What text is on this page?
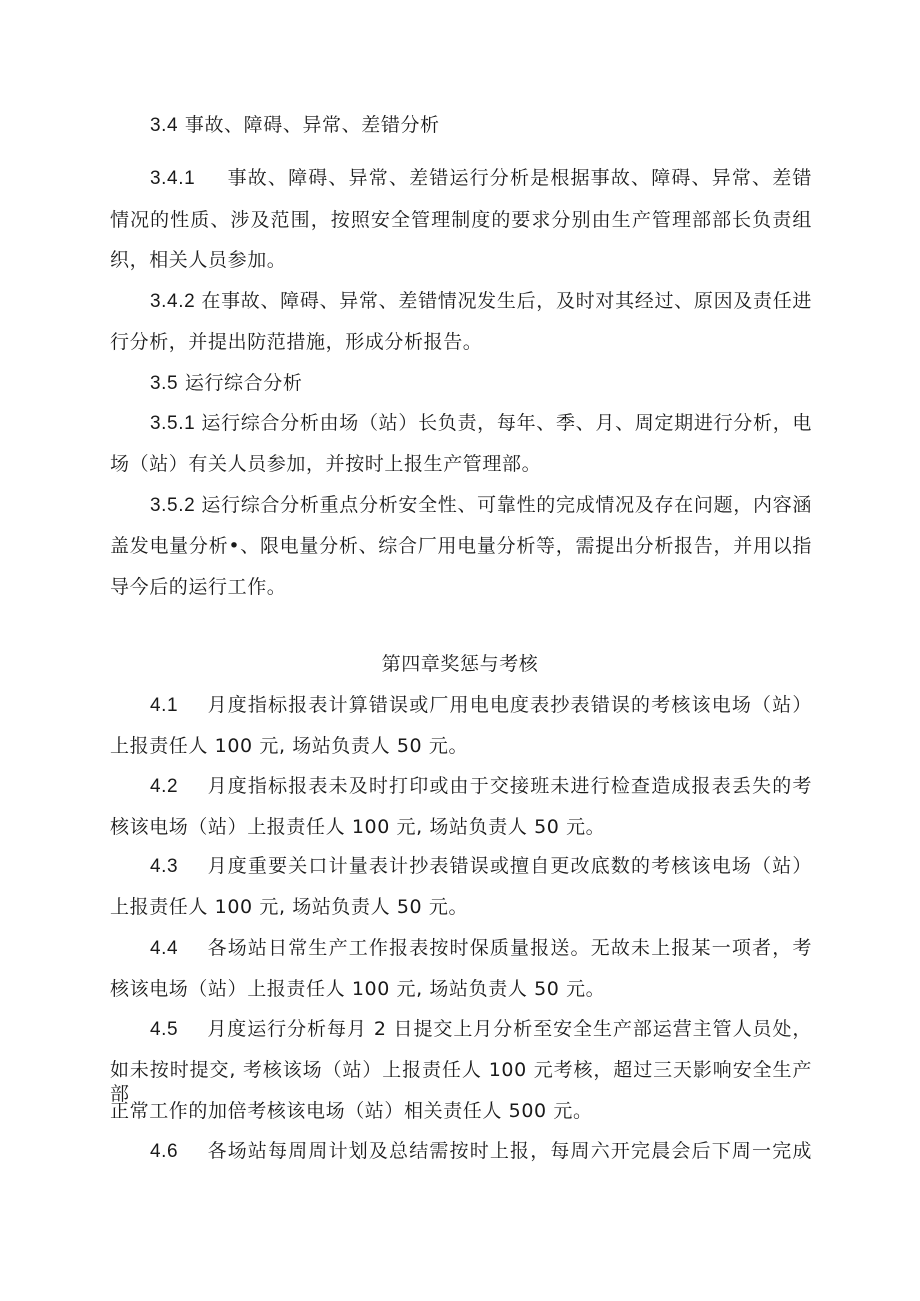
3.4 事故、障碍、异常、差错分析
3.4.1 事故、障碍、异常、差错运行分析是根据事故、障碍、异常、差错
情况的性质、涉及范围，按照安全管理制度的要求分别由生产管理部部长负责组
织，相关人员参加。
3.4.2 在事故、障碍、异常、差错情况发生后，及时对其经过、原因及责任进
行分析，并提出防范措施，形成分析报告。
3.5 运行综合分析
3.5.1 运行综合分析由场（站）长负责，每年、季、月、周定期进行分析，电
场（站）有关人员参加，并按时上报生产管理部。
3.5.2 运行综合分析重点分析安全性、可靠性的完成情况及存在问题，内容涵
盖发电量分析•、限电量分析、综合厂用电量分析等，需提出分析报告，并用以指
导今后的运行工作。
第四章奖惩与考核
4.1 月度指标报表计算错误或厂用电电度表抄表错误的考核该电场（站）
上报责任人 100 元, 场站负责人 50 元。
4.2 月度指标报表未及时打印或由于交接班未进行检查造成报表丢失的考
核该电场（站）上报责任人 100 元, 场站负责人 50 元。
4.3 月度重要关口计量表计抄表错误或擅自更改底数的考核该电场（站）
上报责任人 100 元, 场站负责人 50 元。
4.4 各场站日常生产工作报表按时保质量报送。无故未上报某一项者，考
核该电场（站）上报责任人 100 元, 场站负责人 50 元。
4.5 月度运行分析每月 2 日提交上月分析至安全生产部运营主管人员处，
如未按时提交, 考核该场（站）上报责任人 100 元考核，超过三天影响安全生产部
正常工作的加倍考核该电场（站）相关责任人 500 元。
4.6 各场站每周周计划及总结需按时上报，每周六开完晨会后下周一完成
